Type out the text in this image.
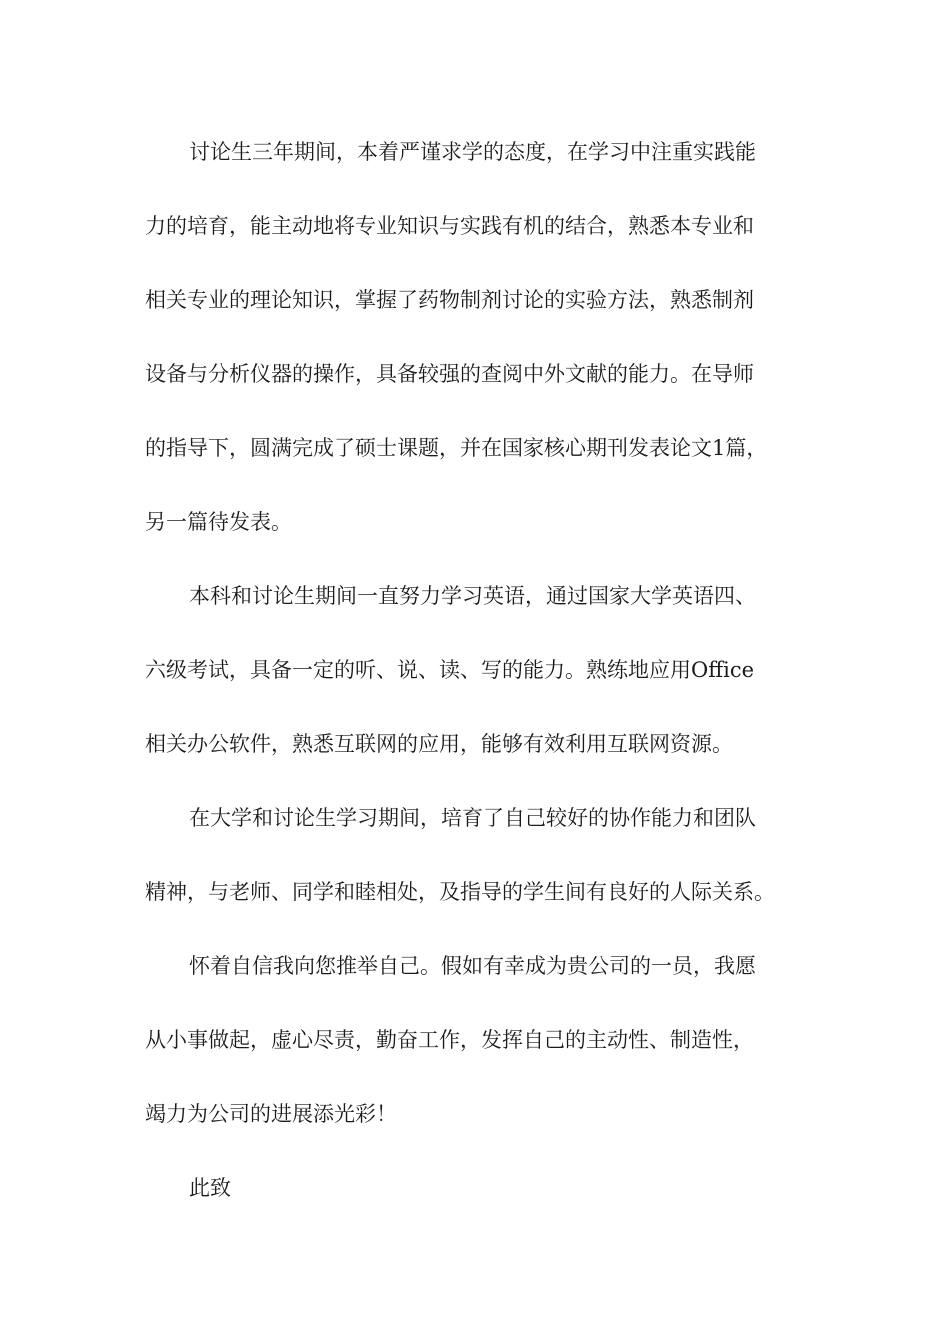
讨论生三年期间，本着严谨求学的态度，在学习中注重实践能

力的培育，能主动地将专业知识与实践有机的结合，熟悉本专业和

相关专业的理论知识，掌握了药物制剂讨论的实验方法，熟悉制剂

设备与分析仪器的操作，具备较强的查阅中外文献的能力。在导师

的指导下，圆满完成了硕士课题，并在国家核心期刊发表论文1篇，

另一篇待发表。

本科和讨论生期间一直努力学习英语，通过国家大学英语四、

六级考试，具备一定的听、说、读、写的能力。熟练地应用Office

相关办公软件，熟悉互联网的应用，能够有效利用互联网资源。

在大学和讨论生学习期间，培育了自己较好的协作能力和团队

精神，与老师、同学和睦相处，及指导的学生间有良好的人际关系。

怀着自信我向您推举自己。假如有幸成为贵公司的一员，我愿

从小事做起，虚心尽责，勤奋工作，发挥自己的主动性、制造性，

竭力为公司的进展添光彩！

此致
